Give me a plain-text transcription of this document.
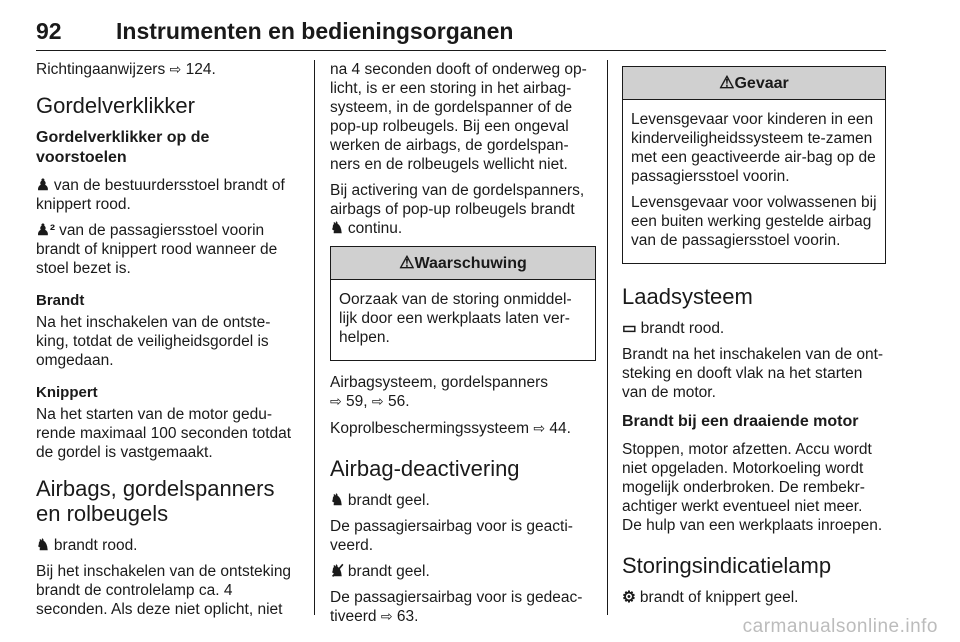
92 Instrumenten en bedieningsorganen

Richtingaanwijzers ⇨ 124.

Gordelverklikker
Gordelverklikker op de voorstoelen

♟ van de bestuurdersstoel brandt of knippert rood.

♟² van de passagiersstoel voorin brandt of knippert rood wanneer de stoel bezet is.

Brandt

Na het inschakelen van de ontste-king, totdat de veiligheidsgordel is omgedaan.

Knippert

Na het starten van de motor gedu-rende maximaal 100 seconden totdat de gordel is vastgemaakt.

Airbags, gordelspanners en rolbeugels

♞ brandt rood.

Bij het inschakelen van de ontsteking brandt de controlelamp ca. 4 seconden. Als deze niet oplicht, niet

na 4 seconden dooft of onderweg op-licht, is er een storing in het airbag-systeem, in de gordelspanner of de pop-up rolbeugels. Bij een ongeval werken de airbags, de gordelspan-ners en de rolbeugels wellicht niet.

Bij activering van de gordelspanners, airbags of pop-up rolbeugels brandt ♞ continu.

⚠Waarschuwing

Oorzaak van de storing onmiddel-lijk door een werkplaats laten ver-helpen.

Airbagsysteem, gordelspanners
⇨ 59, ⇨ 56.

Koprolbeschermingssysteem ⇨ 44.

Airbag-deactivering

♞ brandt geel.

De passagiersairbag voor is geacti-veerd.

♞̸ brandt geel.

De passagiersairbag voor is gedeac-tiveerd ⇨ 63.

⚠Gevaar

Levensgevaar voor kinderen in een kinderveiligheidssysteem te-zamen met een geactiveerde air-bag op de passagiersstoel voorin.

Levensgevaar voor volwassenen bij een buiten werking gestelde airbag van de passagiersstoel voorin.

Laadsysteem

▭ brandt rood.

Brandt na het inschakelen van de ont-steking en dooft vlak na het starten van de motor.

Brandt bij een draaiende motor

Stoppen, motor afzetten. Accu wordt niet opgeladen. Motorkoeling wordt mogelijk onderbroken. De rembekr-achtiger werkt eventueel niet meer. De hulp van een werkplaats inroepen.

Storingsindicatielamp

⚙ brandt of knippert geel.

carmanualsonline.info
